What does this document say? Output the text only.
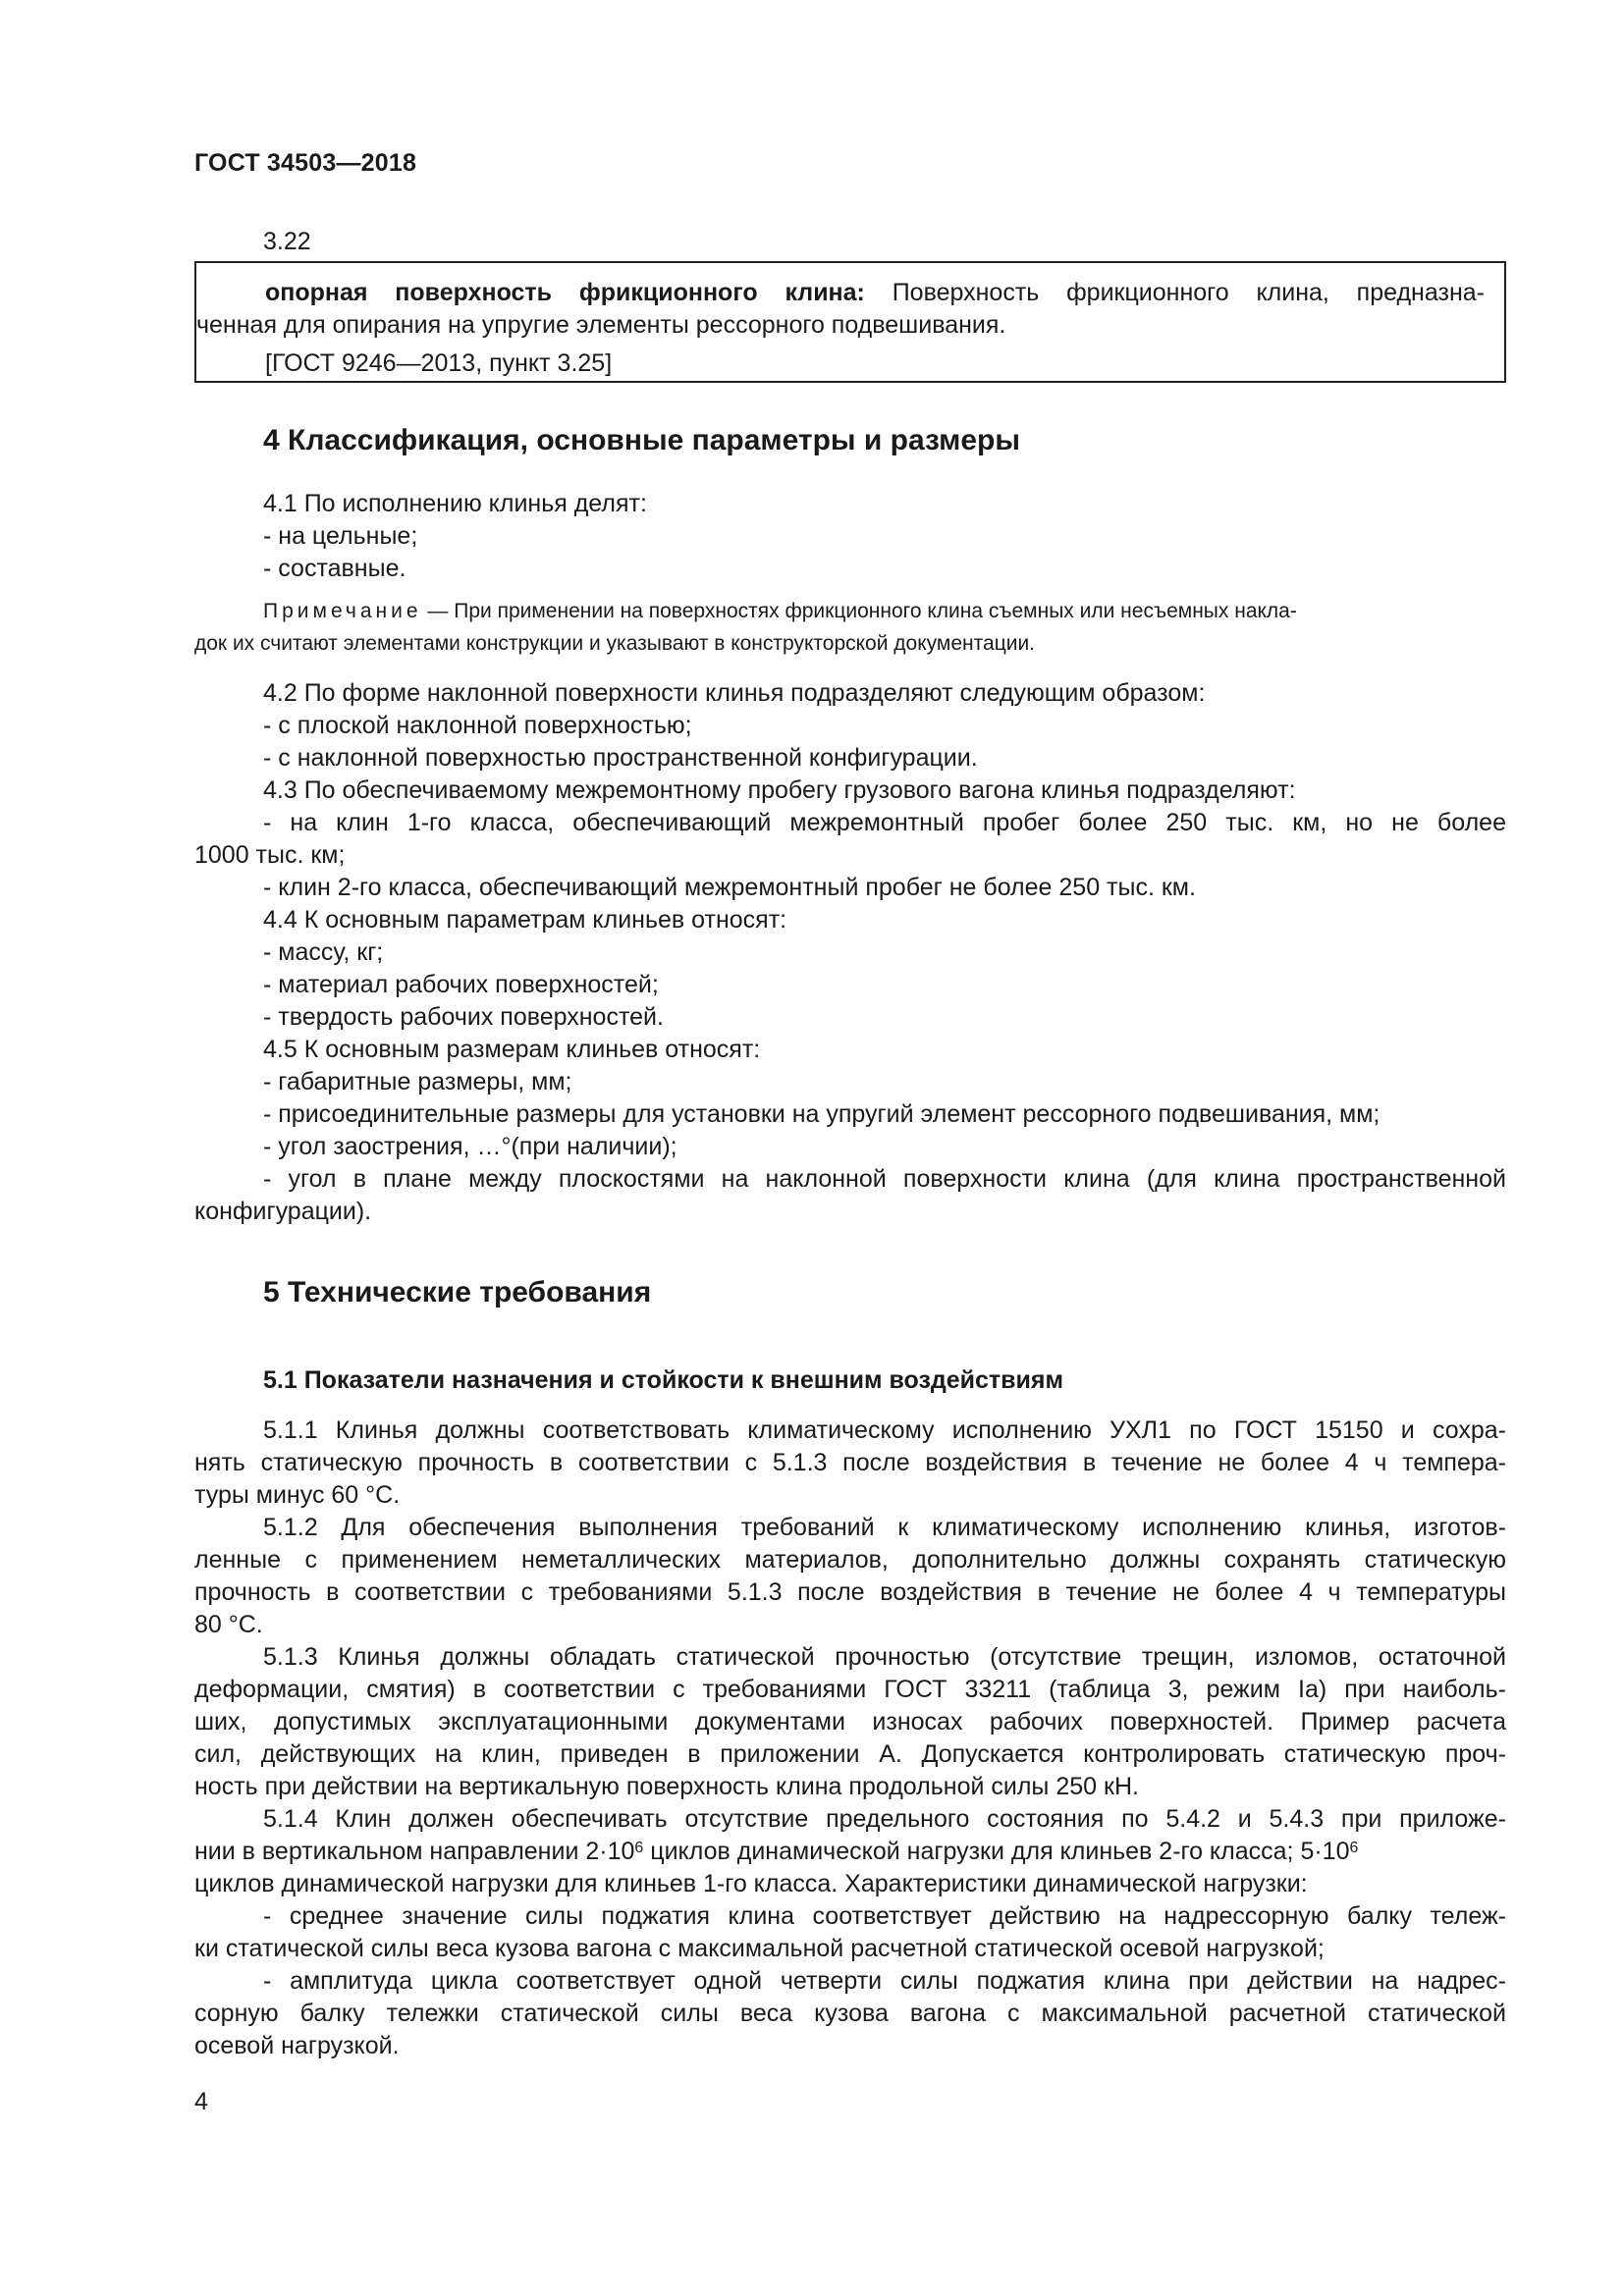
ГОСТ 34503—2018
3.22
опорная поверхность фрикционного клина: Поверхность фрикционного клина, предназна-
ченная для опирания на упругие элементы рессорного подвешивания.
[ГОСТ 9246—2013, пункт 3.25]
4 Классификация, основные параметры и размеры
4.1 По исполнению клинья делят:
- на цельные;
- составные.
Примечание — При применении на поверхностях фрикционного клина съемных или несъемных накла-
док их считают элементами конструкции и указывают в конструкторской документации.
4.2 По форме наклонной поверхности клинья подразделяют следующим образом:
- с плоской наклонной поверхностью;
- с наклонной поверхностью пространственной конфигурации.
4.3 По обеспечиваемому межремонтному пробегу грузового вагона клинья подразделяют:
- на клин 1-го класса, обеспечивающий межремонтный пробег более 250 тыс. км, но не более
1000 тыс. км;
- клин 2-го класса, обеспечивающий межремонтный пробег не более 250 тыс. км.
4.4 К основным параметрам клиньев относят:
- массу, кг;
- материал рабочих поверхностей;
- твердость рабочих поверхностей.
4.5 К основным размерам клиньев относят:
- габаритные размеры, мм;
- присоединительные размеры для установки на упругий элемент рессорного подвешивания, мм;
- угол заострения, …°(при наличии);
- угол в плане между плоскостями на наклонной поверхности клина (для клина пространственной
конфигурации).
5 Технические требования
5.1 Показатели назначения и стойкости к внешним воздействиям
5.1.1 Клинья должны соответствовать климатическому исполнению УХЛ1 по ГОСТ 15150 и сохра-
нять статическую прочность в соответствии с 5.1.3 после воздействия в течение не более 4 ч темпера-
туры минус 60 °С.
5.1.2 Для обеспечения выполнения требований к климатическому исполнению клинья, изготов-
ленные с применением неметаллических материалов, дополнительно должны сохранять статическую
прочность в соответствии с требованиями 5.1.3 после воздействия в течение не более 4 ч температуры
80 °С.
5.1.3 Клинья должны обладать статической прочностью (отсутствие трещин, изломов, остаточной
деформации, смятия) в соответствии с требованиями ГОСТ 33211 (таблица 3, режим Iа) при наиболь-
ших, допустимых эксплуатационными документами износах рабочих поверхностей. Пример расчета
сил, действующих на клин, приведен в приложении А. Допускается контролировать статическую проч-
ность при действии на вертикальную поверхность клина продольной силы 250 кН.
5.1.4 Клин должен обеспечивать отсутствие предельного состояния по 5.4.2 и 5.4.3 при приложе-
нии в вертикальном направлении $2\cdot 10^6$ циклов динамической нагрузки для клиньев 2-го класса; $5\cdot 10^6$
циклов динамической нагрузки для клиньев 1-го класса. Характеристики динамической нагрузки:
- среднее значение силы поджатия клина соответствует действию на надрессорную балку тележ-
ки статической силы веса кузова вагона с максимальной расчетной статической осевой нагрузкой;
- амплитуда цикла соответствует одной четверти силы поджатия клина при действии на надрес-
сорную балку тележки статической силы веса кузова вагона с максимальной расчетной статической
осевой нагрузкой.
4
